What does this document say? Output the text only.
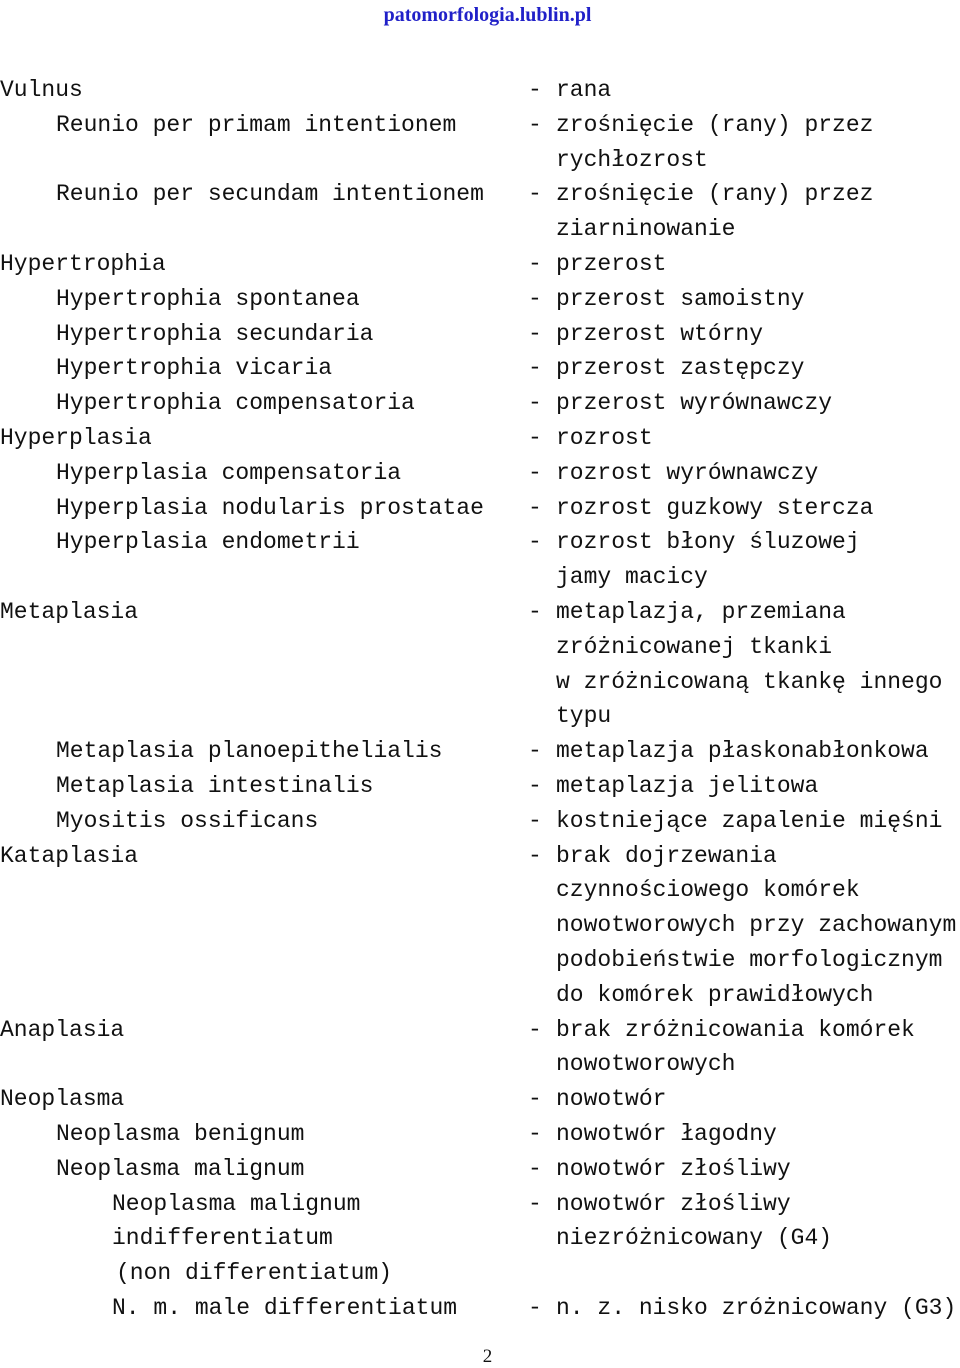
patomorfologia.lublin.pl
Vulnus	- rana
Reunio per primam intentionem	- zrośnięcie (rany) przez
rychłozrost
Reunio per secundam intentionem - zrośnięcie (rany) przez
ziarninowanie
Hypertrophia	- przerost
Hypertrophia spontanea	- przerost samoistny
Hypertrophia secundaria	- przerost wtórny
Hypertrophia vicaria	- przerost zastępczy
Hypertrophia compensatoria	- przerost wyrównawczy
Hyperplasia	- rozrost
Hyperplasia compensatoria	- rozrost wyrównawczy
Hyperplasia nodularis prostatae - rozrost guzkowy stercza
Hyperplasia endometrii	- rozrost błony śluzowej
jamy macicy
Metaplasia	- metaplazja, przemiana
zróżnicowanej tkanki
w zróżnicowaną tkankę innego
typu
Metaplasia planoepithelialis	- metaplazja płaskonabłonkowa
Metaplasia intestinalis	- metaplazja jelitowa
Myositis ossificans	- kostniejące zapalenie mięśni
Kataplasia	- brak dojrzewania
czynnościowego komórek
nowotworowych przy zachowanym
podobieństwie morfologicznym
do komórek prawidłowych
Anaplasia	- brak zróżnicowania komórek
nowotworowych
Neoplasma	- nowotwór
Neoplasma benignum	- nowotwór łagodny
Neoplasma malignum	- nowotwór złośliwy
Neoplasma malignum	- nowotwór złośliwy
indifferentiatum	niezróżnicowany (G4)
(non differentiatum)
N. m. male differentiatum	- n. z. nisko zróżnicowany (G3)
2
